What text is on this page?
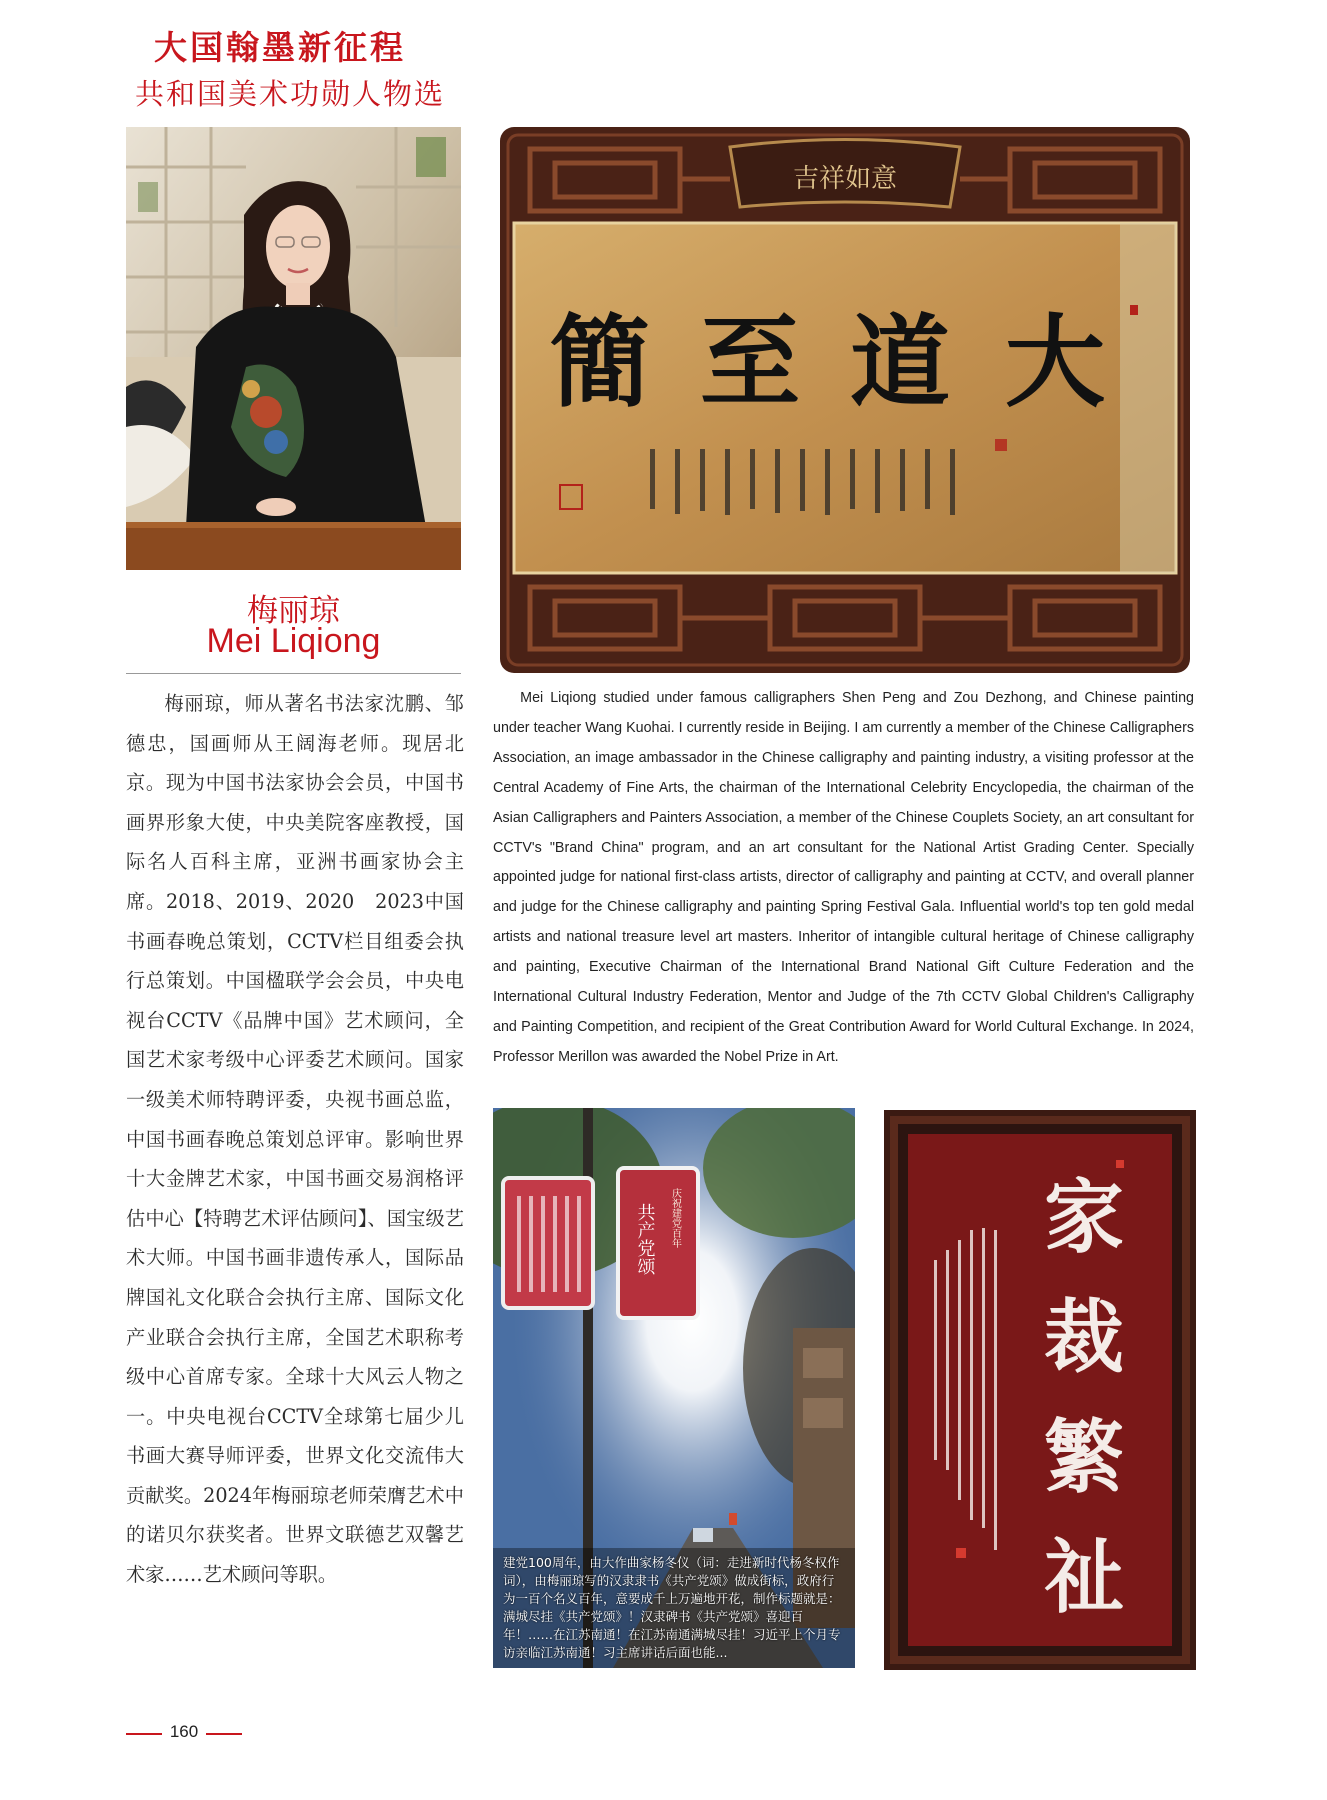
大国翰墨新征程
共和国美术功勋人物选
梅丽琼
Mei Liqiong
梅丽琼，师从著名书法家沈鹏、邹德忠，国画师从王阔海老师。现居北京。现为中国书法家协会会员，中国书画界形象大使，中央美院客座教授，国际名人百科主席，亚洲书画家协会主席。2018、2019、2020　2023中国书画春晚总策划，CCTV栏目组委会执行总策划。中国楹联学会会员，中央电视台CCTV《品牌中国》艺术顾问，全国艺术家考级中心评委艺术顾问。国家一级美术师特聘评委，央视书画总监，中国书画春晚总策划总评审。影响世界十大金牌艺术家，中国书画交易润格评估中心【特聘艺术评估顾问】、国宝级艺术大师。中国书画非遗传承人，国际品牌国礼文化联合会执行主席、国际文化产业联合会执行主席，全国艺术职称考级中心首席专家。全球十大风云人物之一。中央电视台CCTV全球第七届少儿书画大赛导师评委，世界文化交流伟大贡献奖。2024年梅丽琼老师荣膺艺术中的诺贝尔获奖者。世界文联德艺双馨艺术家……艺术顾问等职。
吉祥如意
簡 至 道 大
Mei Liqiong studied under famous calligraphers Shen Peng and Zou Dezhong, and Chinese painting under teacher Wang Kuohai. I currently reside in Beijing. I am currently a member of the Chinese Calligraphers Association, an image ambassador in the Chinese calligraphy and painting industry, a visiting professor at the Central Academy of Fine Arts, the chairman of the International Celebrity Encyclopedia, the chairman of the Asian Calligraphers and Painters Association, a member of the Chinese Couplets Society, an art consultant for CCTV's "Brand China" program, and an art consultant for the National Artist Grading Center. Specially appointed judge for national first-class artists, director of calligraphy and painting at CCTV, and overall planner and judge for the Chinese calligraphy and painting Spring Festival Gala. Influential world's top ten gold medal artists and national treasure level art masters. Inheritor of intangible cultural heritage of Chinese calligraphy and painting, Executive Chairman of the International Brand National Gift Culture Federation and the International Cultural Industry Federation, Mentor and Judge of the 7th CCTV Global Children's Calligraphy and Painting Competition, and recipient of the Great Contribution Award for World Cultural Exchange. In 2024, Professor Merillon was awarded the Nobel Prize in Art.
共产党颂 庆祝建党百年
建党100周年，由大作曲家杨冬仪（词：走进新时代杨冬权作词），由梅丽琼写的汉隶隶书《共产党颂》做成街标，政府行为一百个名义百年，意要成千上万遍地开花，制作标题就是：满城尽挂《共产党颂》！汉隶碑书《共产党颂》喜迎百年！……在江苏南通！在江苏南通满城尽挂！习近平上个月专访亲临江苏南通！习主席讲话后面也能...
家
裁
繁
祉
160
